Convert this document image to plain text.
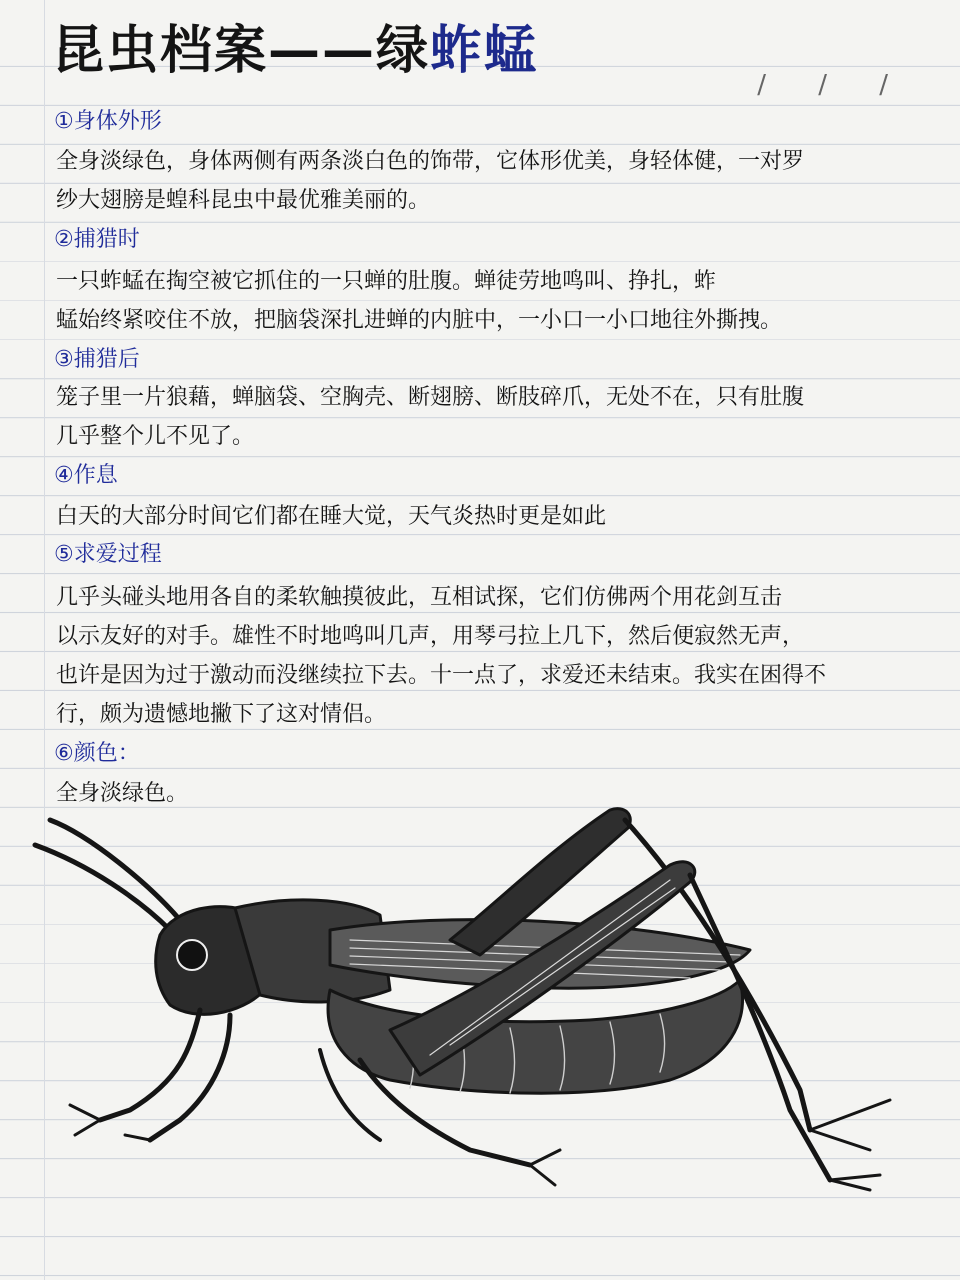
昆虫档案——绿蚱蜢
/ / /
①身体外形
全身淡绿色，身体两侧有两条淡白色的饰带，它体形优美，身轻体健，一对罗
纱大翅膀是蝗科昆虫中最优雅美丽的。
②捕猎时
一只蚱蜢在掏空被它抓住的一只蝉的肚腹。蝉徒劳地鸣叫、挣扎，蚱
蜢始终紧咬住不放，把脑袋深扎进蝉的内脏中，一小口一小口地往外撕拽。
③捕猎后
笼子里一片狼藉，蝉脑袋、空胸壳、断翅膀、断肢碎爪，无处不在，只有肚腹
几乎整个儿不见了。
④作息
白天的大部分时间它们都在睡大觉，天气炎热时更是如此
⑤求爱过程
几乎头碰头地用各自的柔软触摸彼此，互相试探，它们仿佛两个用花剑互击
以示友好的对手。雄性不时地鸣叫几声，用琴弓拉上几下，然后便寂然无声，
也许是因为过于激动而没继续拉下去。十一点了，求爱还未结束。我实在困得不
行，颇为遗憾地撇下了这对情侣。
⑥颜色：
全身淡绿色。
